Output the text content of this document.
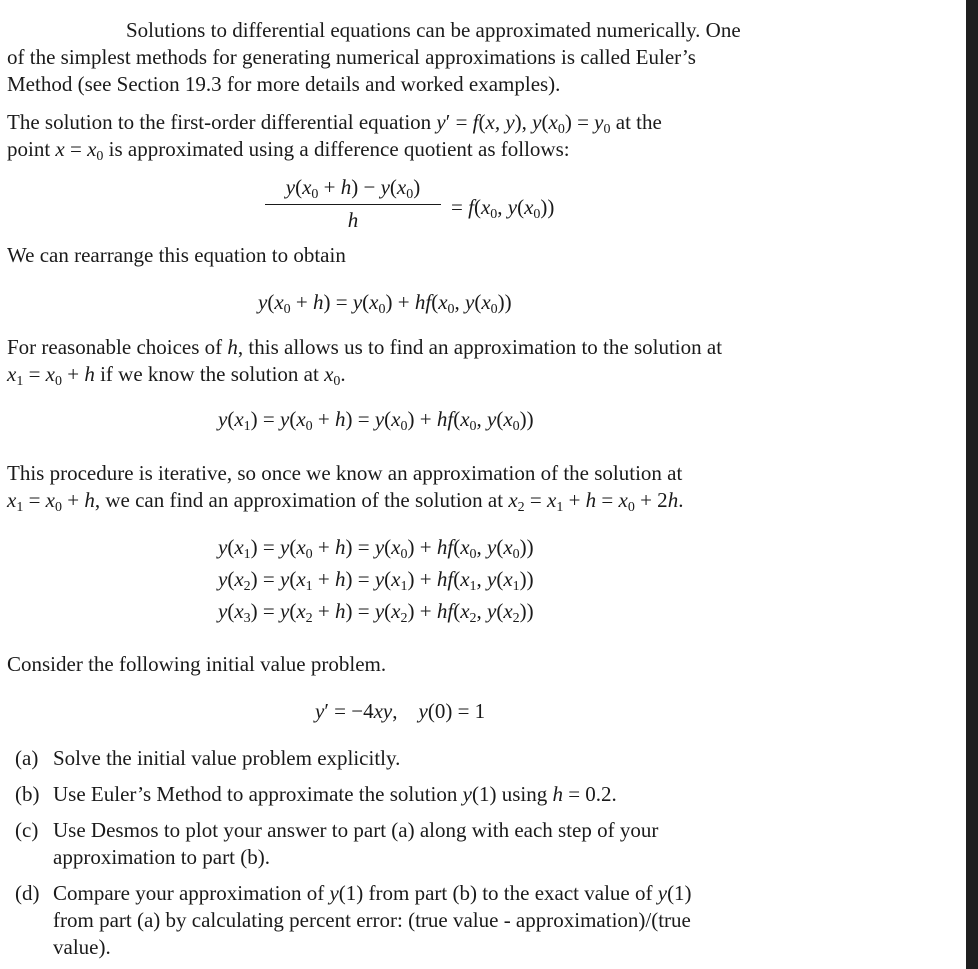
Solutions to differential equations can be approximated numerically. One
of the simplest methods for generating numerical approximations is called Euler’s
Method (see Section 19.3 for more details and worked examples).
The solution to the first-order differential equation y′ = f(x, y), $y(x_0) = y_0$ at the
point $x = x_0$ is approximated using a difference quotient as follows:
$\frac{y(x_0 + h) - y(x_0)}{h} = f(x_0$, $y(x_0)$)
We can rearrange this equation to obtain
$y(x_0 + h) = y(x_0) + hf(x_0$, $y(x_0)$)
For reasonable choices of h, this allows us to find an approximation to the solution at
$x_1 = x_0 + h$ if we know the solution at $x_0$.
$y(x_1) = y(x_0 + h) = y(x_0) + hf(x_0$, $y(x_0)$)
This procedure is iterative, so once we know an approximation of the solution at
$x_1 = x_0 + h$, we can find an approximation of the solution at $x_2 = x_1 + h = x_0 + 2h$.
$y(x_1) = y(x_0 + h) = y(x_0) + hf(x_0$, $y(x_0)$)
$y(x_2) = y(x_1 + h) = y(x_1) + hf(x_1$, $y(x_1)$)
$y(x_3) = y(x_2 + h) = y(x_2) + hf(x_2$, $y(x_2)$)
Consider the following initial value problem.
y′ = −4xy,    y(0) = 1
(a) Solve the initial value problem explicitly.
(b) Use Euler’s Method to approximate the solution y(1) using h = 0.2.
(c) Use Desmos to plot your answer to part (a) along with each step of your
approximation to part (b).
(d) Compare your approximation of y(1) from part (b) to the exact value of y(1)
from part (a) by calculating percent error: (true value - approximation)/(true
value).
